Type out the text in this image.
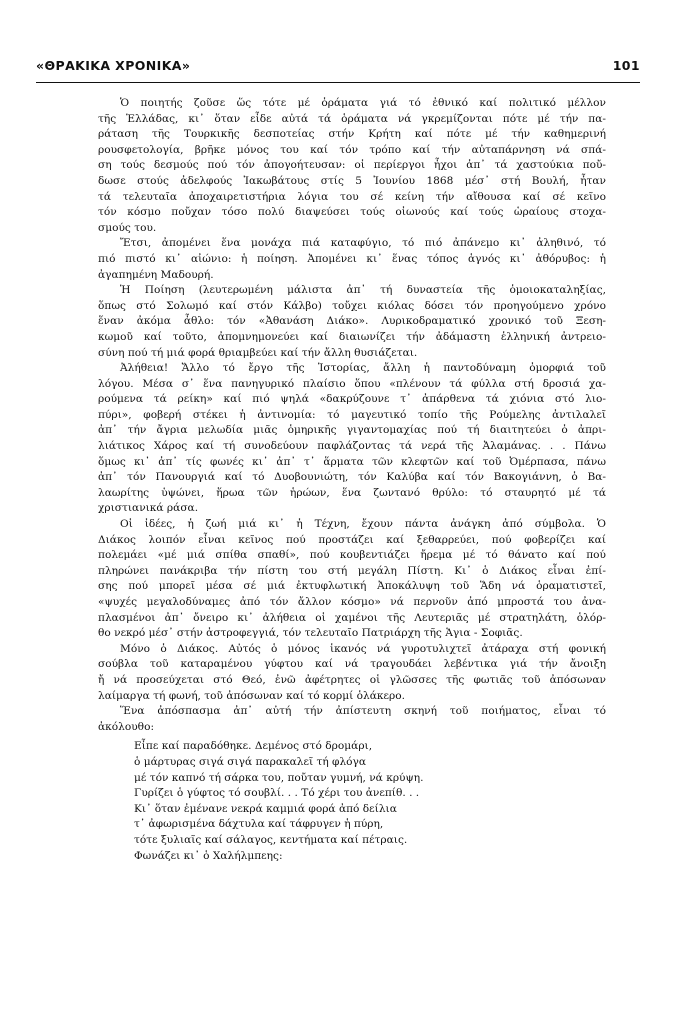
«ΘΡΑΚΙΚΑ ΧΡΟΝΙΚΑ»	101
Ὁ ποιητής ζοῦσε ὥς τότε μέ ὁράματα γιά τό ἐθνικό καί πολιτικό μέλλον
τῆς Ἑλλάδας, κι᾿ ὅταν εἶδε αὐτά τά ὁράματα νά γκρεμίζονται πότε μέ τήν πα-
ράταση τῆς Τουρκικῆς δεσποτείας στήν Κρήτη καί πότε μέ τήν καθημερινή
ρουσφετολογία, βρῆκε μόνος του καί τόν τρόπο καί τήν αὐταπάρνηση νά σπά-
ση τούς δεσμούς πού τόν ἀπογοήτευσαν: οἱ περίεργοι ἦχοι ἀπ᾿ τά χαστούκια ποὔ-
δωσε στούς ἀδελφούς Ἰακωβάτους στίς 5 Ἰουνίου 1868 μέσ᾿ στή Βουλή, ἦταν
τά τελευταῖα ἀποχαιρετιστήρια λόγια του σέ κείνη τήν αἴθουσα καί σέ κεῖνο
τόν κόσμο ποὔχαν τόσο πολύ διαψεύσει τούς οἰωνούς καί τούς ὡραίους στοχα-
σμούς του.
Ἔτσι, ἀπομένει ἕνα μονάχα πιά καταφύγιο, τό πιό ἀπάνεμο κι᾿ ἀληθινό, τό
πιό πιστό κι᾿ αἰώνιο: ἡ ποίηση. Ἀπομένει κι᾿ ἕνας τόπος ἁγνός κι᾿ ἀθόρυβος: ἡ
ἀγαπημένη Μαδουρή.
Ἡ Ποίηση (λευτερωμένη μάλιστα ἀπ᾿ τή δυναστεία τῆς ὁμοιοκαταληξίας,
ὅπως στό Σολωμό καί στόν Κάλβο) τοὔχει κιόλας δόσει τόν προηγούμενο χρόνο
ἕναν ἀκόμα ἆθλο: τόν «Ἀθανάση Διάκο». Λυρικοδραματικό χρονικό τοῦ Ξεση-
κωμοῦ καί τοῦτο, ἀπομνημονεύει καί διαιωνίζει τήν ἀδάμαστη ἑλληνική ἀντρειο-
σύνη πού τή μιά φορά θριαμβεύει καί τήν ἄλλη θυσιάζεται.
Ἀλήθεια! Ἄλλο τό ἔργο τῆς Ἱστορίας, ἄλλη ἡ παντοδύναμη ὀμορφιά τοῦ
λόγου. Μέσα σ᾿ ἕνα πανηγυρικό πλαίσιο ὅπου «πλένουν τά φύλλα στή δροσιά χα-
ρούμενα τά ρείκη» καί πιό ψηλά «δακρύζουνε τ᾿ ἀπάρθενα τά χιόνια στό λιο-
πύρι», φοβερή στέκει ἡ ἀντινομία: τό μαγευτικό τοπίο τῆς Ρούμελης ἀντιλαλεῖ
ἀπ᾿ τήν ἄγρια μελωδία μιᾶς ὁμηρικῆς γιγαντομαχίας πού τή διαιτητεύει ὁ ἀπρι-
λιάτικος Χάρος καί τή συνοδεύουν παφλάζοντας τά νερά τῆς Ἀλαμάνας. . . Πάνω
ὅμως κι᾿ ἀπ᾿ τίς φωνές κι᾿ ἀπ᾿ τ᾿ ἅρματα τῶν κλεφτῶν καί τοῦ Ὀμέρπασα, πάνω
ἀπ᾿ τόν Πανουργιά καί τό Δυοβουνιώτη, τόν Καλύβα καί τόν Βακογιάννη, ὁ Βα-
λαωρίτης ὑψώνει, ἥρωα τῶν ἡρώων, ἕνα ζωντανό θρύλο: τό σταυρητό μέ τά
χριστιανικά ράσα.
Οἱ ἰδέες, ἡ ζωή μιά κι᾿ ἡ Τέχνη, ἔχουν πάντα ἀνάγκη ἀπό σύμβολα. Ὁ
Διάκος λοιπόν εἶναι κεῖνος πού προστάζει καί ξεθαρρεύει, πού φοβερίζει καί
πολεμάει «μέ μιά σπίθα σπαθί», πού κουβεντιάζει ἤρεμα μέ τό θάνατο καί πού
πληρώνει πανάκριβα τήν πίστη του στή μεγάλη Πίστη. Κι᾿ ὁ Διάκος εἶναι ἐπί-
σης πού μπορεῖ μέσα σέ μιά ἐκτυφλωτική Ἀποκάλυψη τοῦ Ἅδη νά ὁραματιστεῖ,
«ψυχές μεγαλοδύναμες ἀπό τόν ἄλλον κόσμο» νά περνοῦν ἀπό μπροστά του ἀνα-
πλασμένοι ἀπ᾿ ὄνειρο κι᾿ ἀλήθεια οἱ χαμένοι τῆς Λευτεριᾶς μέ στρατηλάτη, ὁλόρ-
θο νεκρό μέσ᾿ στήν ἀστροφεγγιά, τόν τελευταῖο Πατριάρχη τῆς Ἁγια - Σοφιᾶς.
Μόνο ὁ Διάκος. Αὐτός ὁ μόνος ἱκανός νά γυροτυλιχτεῖ ἀτάραχα στή φονική
σούβλα τοῦ καταραμένου γύφτου καί νά τραγουδάει λεβέντικα γιά τήν ἄνοιξη
ἤ νά προσεύχεται στό Θεό, ἐνῶ ἀφέτρητες οἱ γλῶσσες τῆς φωτιᾶς τοῦ ἀπόσωναν
λαίμαργα τή φωνή, τοῦ ἀπόσωναν καί τό κορμί ὁλάκερο.
Ἕνα ἀπόσπασμα ἀπ᾿ αὐτή τήν ἀπίστευτη σκηνή τοῦ ποιήματος, εἶναι τό
ἀκόλουθο:
Εἶπε καί παραδόθηκε. Δεμένος στό δρομάρι,
ὁ μάρτυρας σιγά σιγά παρακαλεῖ τή φλόγα
μέ τόν καπνό τή σάρκα του, ποὔταν γυμνή, νά κρύψη.
Γυρίζει ὁ γύφτος τό σουβλί. . . Τό χέρι του ἀνεπίθ. . .
Κι᾿ ὅταν ἐμένανε νεκρά καμμιά φορά ἀπό δείλια
τ᾿ ἀφωρισμένα δάχτυλα καί τάφρυγεν ἡ πύρη,
τότε ξυλιαῖς καί σάλαγος, κεντήματα καί πέτραις.
Φωνάζει κι᾿ ὁ Χαλήλμπεης:
